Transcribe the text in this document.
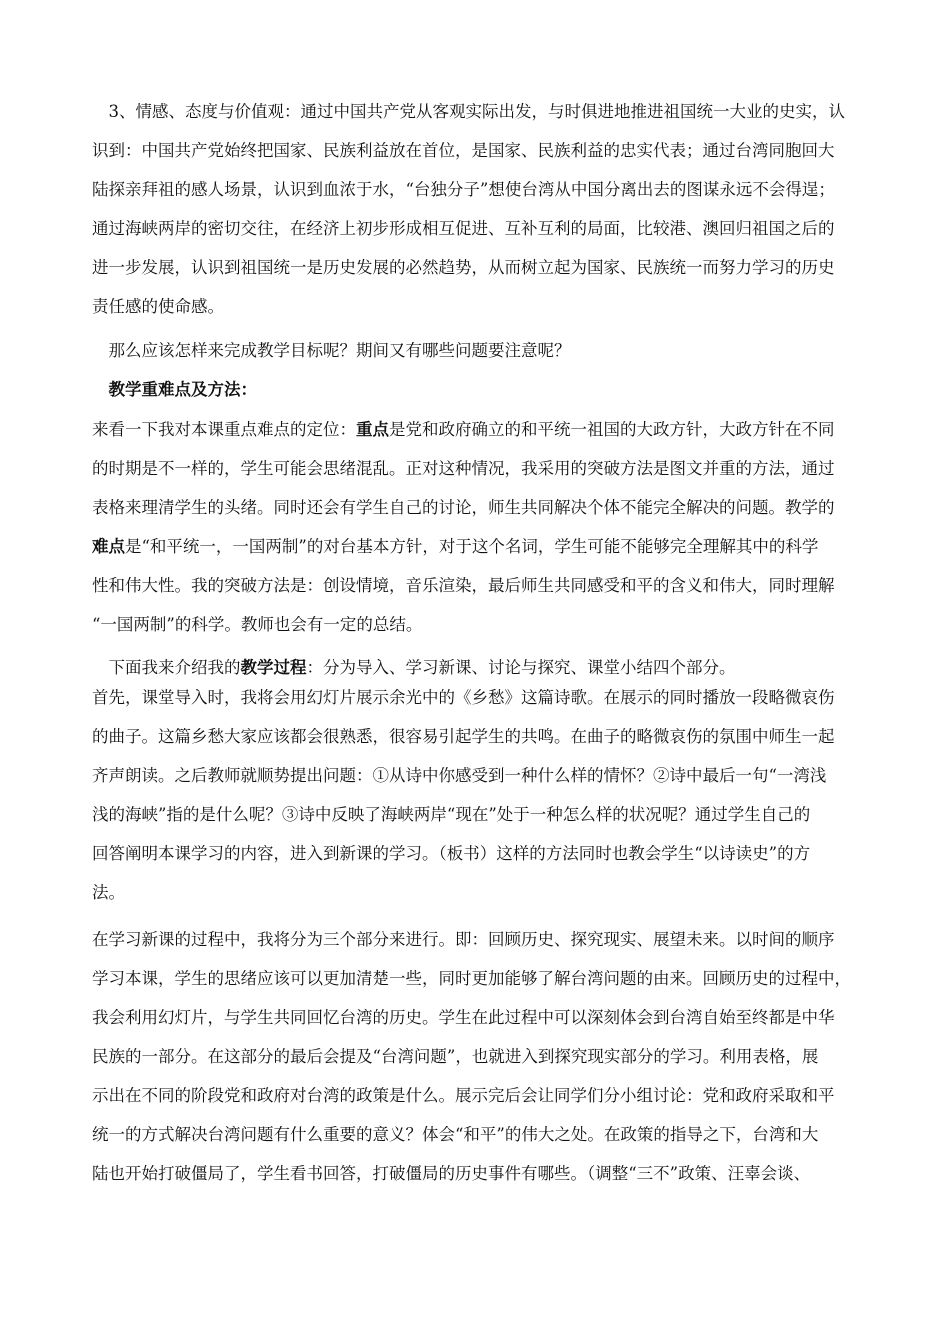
　3、情感、态度与价值观：通过中国共产党从客观实际出发，与时俱进地推进祖国统一大业的史实，认
识到：中国共产党始终把国家、民族利益放在首位，是国家、民族利益的忠实代表；通过台湾同胞回大
陆探亲拜祖的感人场景，认识到血浓于水，“台独分子”想使台湾从中国分离出去的图谋永远不会得逞；
通过海峡两岸的密切交往，在经济上初步形成相互促进、互补互利的局面，比较港、澳回归祖国之后的
进一步发展，认识到祖国统一是历史发展的必然趋势，从而树立起为国家、民族统一而努力学习的历史
责任感的使命感。
　那么应该怎样来完成教学目标呢？期间又有哪些问题要注意呢？
　教学重难点及方法：
来看一下我对本课重点难点的定位：重点是党和政府确立的和平统一祖国的大政方针，大政方针在不同
的时期是不一样的，学生可能会思绪混乱。正对这种情况，我采用的突破方法是图文并重的方法，通过
表格来理清学生的头绪。同时还会有学生自己的讨论，师生共同解决个体不能完全解决的问题。教学的
难点是“和平统一，一国两制”的对台基本方针，对于这个名词，学生可能不能够完全理解其中的科学
性和伟大性。我的突破方法是：创设情境，音乐渲染，最后师生共同感受和平的含义和伟大，同时理解
“一国两制”的科学。教师也会有一定的总结。
　下面我来介绍我的教学过程：分为导入、学习新课、讨论与探究、课堂小结四个部分。
首先，课堂导入时，我将会用幻灯片展示余光中的《乡愁》这篇诗歌。在展示的同时播放一段略微哀伤
的曲子。这篇乡愁大家应该都会很熟悉，很容易引起学生的共鸣。在曲子的略微哀伤的氛围中师生一起
齐声朗读。之后教师就顺势提出问题：①从诗中你感受到一种什么样的情怀？②诗中最后一句“一湾浅
浅的海峡”指的是什么呢？③诗中反映了海峡两岸“现在”处于一种怎么样的状况呢？通过学生自己的
回答阐明本课学习的内容，进入到新课的学习。（板书）这样的方法同时也教会学生“以诗读史”的方
法。
在学习新课的过程中，我将分为三个部分来进行。即：回顾历史、探究现实、展望未来。以时间的顺序
学习本课，学生的思绪应该可以更加清楚一些，同时更加能够了解台湾问题的由来。回顾历史的过程中，
我会利用幻灯片，与学生共同回忆台湾的历史。学生在此过程中可以深刻体会到台湾自始至终都是中华
民族的一部分。在这部分的最后会提及“台湾问题”，也就进入到探究现实部分的学习。利用表格，展
示出在不同的阶段党和政府对台湾的政策是什么。展示完后会让同学们分小组讨论：党和政府采取和平
统一的方式解决台湾问题有什么重要的意义？体会“和平”的伟大之处。在政策的指导之下，台湾和大
陆也开始打破僵局了，学生看书回答，打破僵局的历史事件有哪些。（调整“三不”政策、汪辜会谈、
